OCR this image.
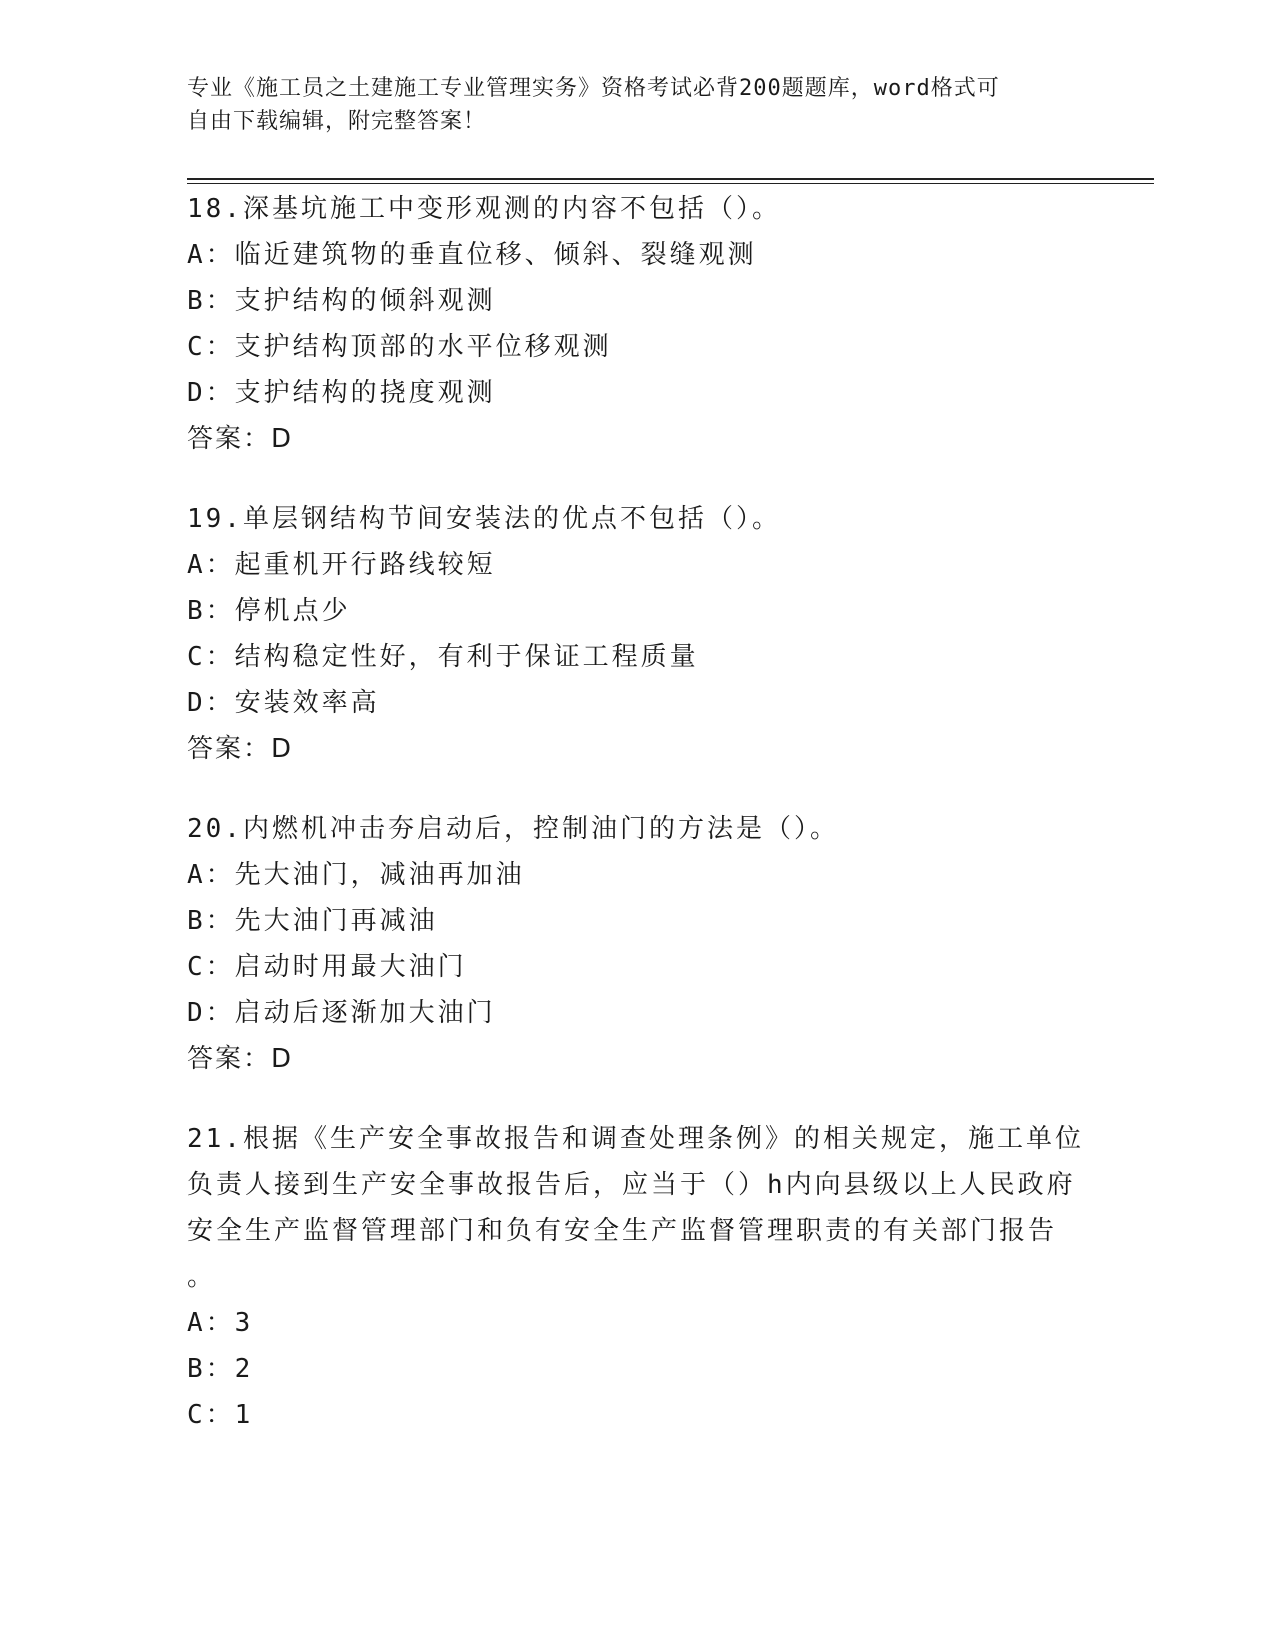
专业《施工员之土建施工专业管理实务》资格考试必背200题题库，word格式可
自由下载编辑，附完整答案！
18.深基坑施工中变形观测的内容不包括（）。
A：临近建筑物的垂直位移、倾斜、裂缝观测
B：支护结构的倾斜观测
C：支护结构顶部的水平位移观测
D：支护结构的挠度观测
答案：D
19.单层钢结构节间安装法的优点不包括（）。
A：起重机开行路线较短
B：停机点少
C：结构稳定性好，有利于保证工程质量
D：安装效率高
答案：D
20.内燃机冲击夯启动后，控制油门的方法是（）。
A：先大油门，减油再加油
B：先大油门再减油
C：启动时用最大油门
D：启动后逐渐加大油门
答案：D
21.根据《生产安全事故报告和调查处理条例》的相关规定，施工单位
负责人接到生产安全事故报告后，应当于（）h内向县级以上人民政府
安全生产监督管理部门和负有安全生产监督管理职责的有关部门报告
。
A：3
B：2
C：1
